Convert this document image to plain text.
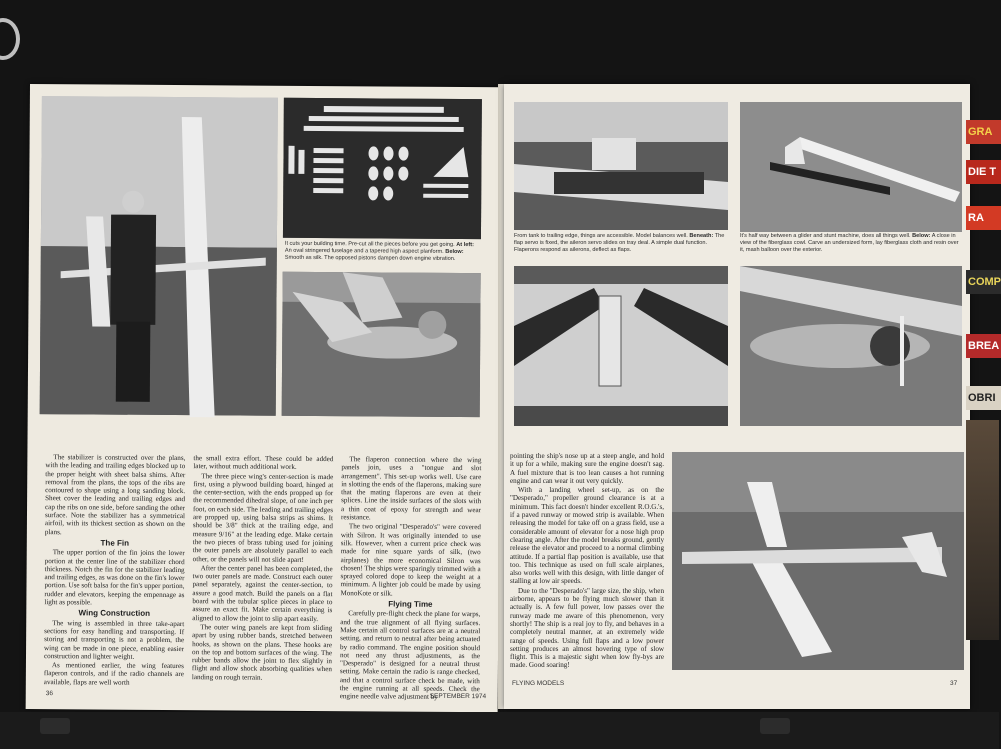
It cuts your building time. Pre-cut all the pieces before you get going. At left: An oval stringered fuselage and a tapered high aspect planform. Below: Smooth as silk. The opposed pistons dampen down engine vibration.

The stabilizer is constructed over the plans, with the leading and trailing edges blocked up to the proper height with sheet balsa shims. After removal from the plans, the tops of the ribs are contoured to shape using a long sanding block. Sheet cover the leading and trailing edges and cap the ribs on one side, before sanding the other surface. Note the stabilizer has a symmetrical airfoil, with its thickest section as shown on the plans.

The Fin

The upper portion of the fin joins the lower portion at the center line of the stabilizer chord thickness. Notch the fin for the stabilizer leading and trailing edges, as was done on the fin's lower portion. Use soft balsa for the fin's upper portion, rudder and elevators, keeping the empennage as light as possible.

Wing Construction

The wing is assembled in three take-apart sections for easy handling and transporting. If storing and transporting is not a problem, the wing can be made in one piece, enabling easier construction and lighter weight.

As mentioned earlier, the wing features flaperon controls, and if the radio channels are available, flaps are well worth

the small extra effort. These could be added later, without much additional work.

The three piece wing's center-section is made first, using a plywood building board, hinged at the center-section, with the ends propped up for the recommended dihedral slope, of one inch per foot, on each side. The leading and trailing edges are propped up, using balsa strips as shims. It should be 3/8" thick at the trailing edge, and measure 9/16" at the leading edge. Make certain the two pieces of brass tubing used for joining the outer panels are absolutely parallel to each other, or the panels will not slide apart!

After the center panel has been completed, the two outer panels are made. Construct each outer panel separately, against the center-section, to assure a good match. Build the panels on a flat board with the tubular splice pieces in place to assure an exact fit. Make certain everything is aligned to allow the joint to slip apart easily.

The outer wing panels are kept from sliding apart by using rubber bands, stretched between hooks, as shown on the plans. These hooks are on the top and bottom surfaces of the wing. The rubber bands allow the joint to flex slightly in flight and allow shock absorbing qualities when landing on rough terrain.

The flaperon connection where the wing panels join, uses a "tongue and slot arrangement". This set-up works well. Use care in slotting the ends of the flaperons, making sure that the mating flaperons are even at their splices. Line the inside surfaces of the slots with a thin coat of epoxy for strength and wear resistance.

The two original "Desperado's" were covered with Silron. It was originally intended to use silk. However, when a current price check was made for nine square yards of silk, (two airplanes) the more economical Silron was chosen! The ships were sparingly trimmed with a sprayed colored dope to keep the weight at a minimum. A lighter job could be made by using MonoKote or silk.

Flying Time

Carefully pre-flight check the plane for warps, and the true alignment of all flying surfaces. Make certain all control surfaces are at a neutral setting, and return to neutral after being actuated by radio command. The engine position should not need any thrust adjustments, as the "Desperado" is designed for a neutral thrust setting. Make certain the radio is range checked, and that a control surface check be made, with the engine running at all speeds. Check the engine needle valve adjustment by

36	SEPTEMBER 1974
From tank to trailing edge, things are accessible. Model balances well. Beneath: The flap servo is fixed, the aileron servo slides on tray deal. A simple dual function. Flaperons respond as ailerons, deflect as flaps.
It's half way between a glider and stunt machine, does all things well. Below: A close in view of the fiberglass cowl. Carve an undersized form, lay fiberglass cloth and resin over it, mash balloon over the exterior.

pointing the ship's nose up at a steep angle, and hold it up for a while, making sure the engine doesn't sag. A fuel mixture that is too lean causes a hot running engine and can wear it out very quickly.

With a landing wheel set-up, as on the "Desperado," propeller ground clearance is at a minimum. This fact doesn't hinder excellent R.O.G.'s, if a paved runway or mowed strip is available. When releasing the model for take off on a grass field, use a considerable amount of elevator for a nose high prop clearing angle. After the model breaks ground, gently release the elevator and proceed to a normal climbing attitude. If a partial flap position is available, use that too. This technique as used on full scale airplanes, also works well with this design, with little danger of stalling at low air speeds.

Due to the "Desperado's" large size, the ship, when airborne, appears to be flying much slower than it actually is. A few full power, low passes over the runway made me aware of this phenomenon, very shortly! The ship is a real joy to fly, and behaves in a completely neutral manner, at an extremely wide range of speeds. Using full flaps and a low power setting produces an almost hovering type of slow flight. This is a majestic sight when low fly-bys are made. Good soaring!

FLYING MODELS	37
GRA
DIE T
RA
COMP
BREA
OBRI
